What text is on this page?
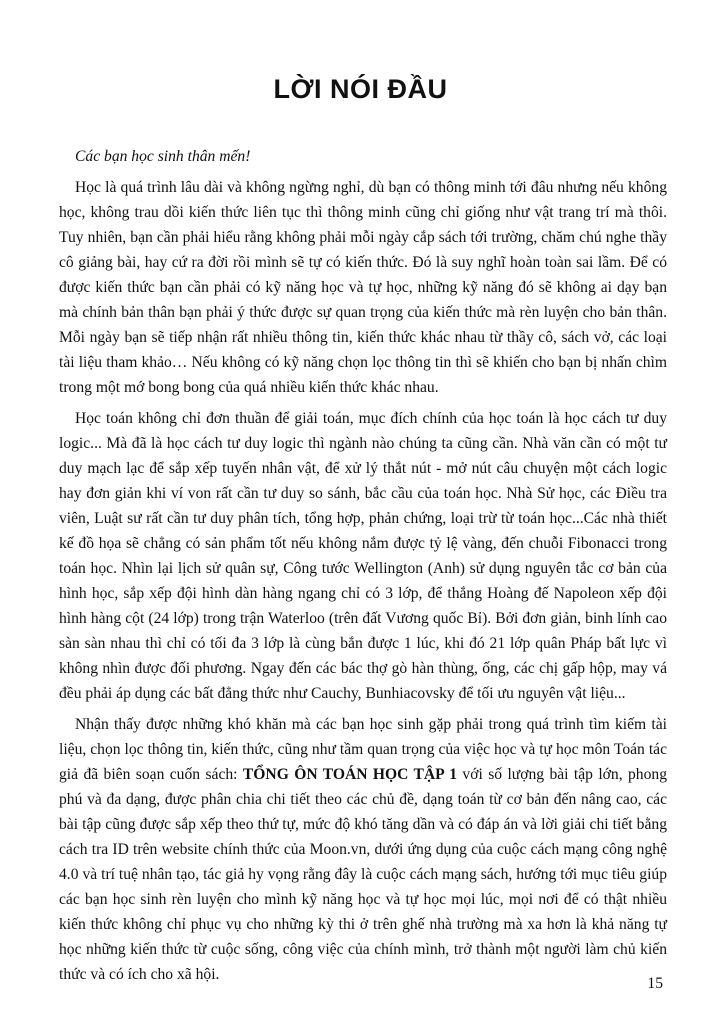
LỜI NÓI ĐẦU

Các bạn học sinh thân mến!

Học là quá trình lâu dài và không ngừng nghỉ, dù bạn có thông minh tới đâu nhưng nếu không học, không trau dồi kiến thức liên tục thì thông minh cũng chỉ giống như vật trang trí mà thôi. Tuy nhiên, bạn cần phải hiểu rằng không phải mỗi ngày cắp sách tới trường, chăm chú nghe thầy cô giảng bài, hay cứ ra đời rồi mình sẽ tự có kiến thức. Đó là suy nghĩ hoàn toàn sai lầm. Để có được kiến thức bạn cần phải có kỹ năng học và tự học, những kỹ năng đó sẽ không ai dạy bạn mà chính bản thân bạn phải ý thức được sự quan trọng của kiến thức mà rèn luyện cho bản thân. Mỗi ngày bạn sẽ tiếp nhận rất nhiều thông tin, kiến thức khác nhau từ thầy cô, sách vở, các loại tài liệu tham khảo… Nếu không có kỹ năng chọn lọc thông tin thì sẽ khiến cho bạn bị nhấn chìm trong một mớ bong bong của quá nhiều kiến thức khác nhau.

Học toán không chỉ đơn thuần để giải toán, mục đích chính của học toán là học cách tư duy logic... Mà đã là học cách tư duy logic thì ngành nào chúng ta cũng cần. Nhà văn cần có một tư duy mạch lạc để sắp xếp tuyến nhân vật, để xử lý thắt nút - mở nút câu chuyện một cách logic hay đơn giản khi ví von rất cần tư duy so sánh, bắc cầu của toán học. Nhà Sử học, các Điều tra viên, Luật sư rất cần tư duy phân tích, tổng hợp, phản chứng, loại trừ từ toán học...Các nhà thiết kế đồ họa sẽ chẳng có sản phẩm tốt nếu không nắm được tỷ lệ vàng, đến chuỗi Fibonacci trong toán học. Nhìn lại lịch sử quân sự, Công tước Wellington (Anh) sử dụng nguyên tắc cơ bản của hình học, sắp xếp đội hình dàn hàng ngang chỉ có 3 lớp, để thắng Hoàng đế Napoleon xếp đội hình hàng cột (24 lớp) trong trận Waterloo (trên đất Vương quốc Bỉ). Bởi đơn giản, binh lính cao sàn sàn nhau thì chỉ có tối đa 3 lớp là cùng bắn được 1 lúc, khi đó 21 lớp quân Pháp bất lực vì không nhìn được đối phương. Ngay đến các bác thợ gò hàn thùng, ống, các chị gấp hộp, may vá đều phải áp dụng các bất đẳng thức như Cauchy, Bunhiacovsky để tối ưu nguyên vật liệu...

Nhận thấy được những khó khăn mà các bạn học sinh gặp phải trong quá trình tìm kiếm tài liệu, chọn lọc thông tin, kiến thức, cũng như tầm quan trọng của việc học và tự học môn Toán tác giả đã biên soạn cuốn sách: TỔNG ÔN TOÁN HỌC TẬP 1 với số lượng bài tập lớn, phong phú và đa dạng, được phân chia chi tiết theo các chủ đề, dạng toán từ cơ bản đến nâng cao, các bài tập cũng được sắp xếp theo thứ tự, mức độ khó tăng dần và có đáp án và lời giải chi tiết bằng cách tra ID trên website chính thức của Moon.vn, dưới ứng dụng của cuộc cách mạng công nghệ 4.0 và trí tuệ nhân tạo, tác giả hy vọng rằng đây là cuộc cách mạng sách, hướng tới mục tiêu giúp các bạn học sinh rèn luyện cho mình kỹ năng học và tự học mọi lúc, mọi nơi để có thật nhiều kiến thức không chỉ phục vụ cho những kỳ thi ở trên ghế nhà trường mà xa hơn là khả năng tự học những kiến thức từ cuộc sống, công việc của chính mình, trở thành một người làm chủ kiến thức và có ích cho xã hội.

15
